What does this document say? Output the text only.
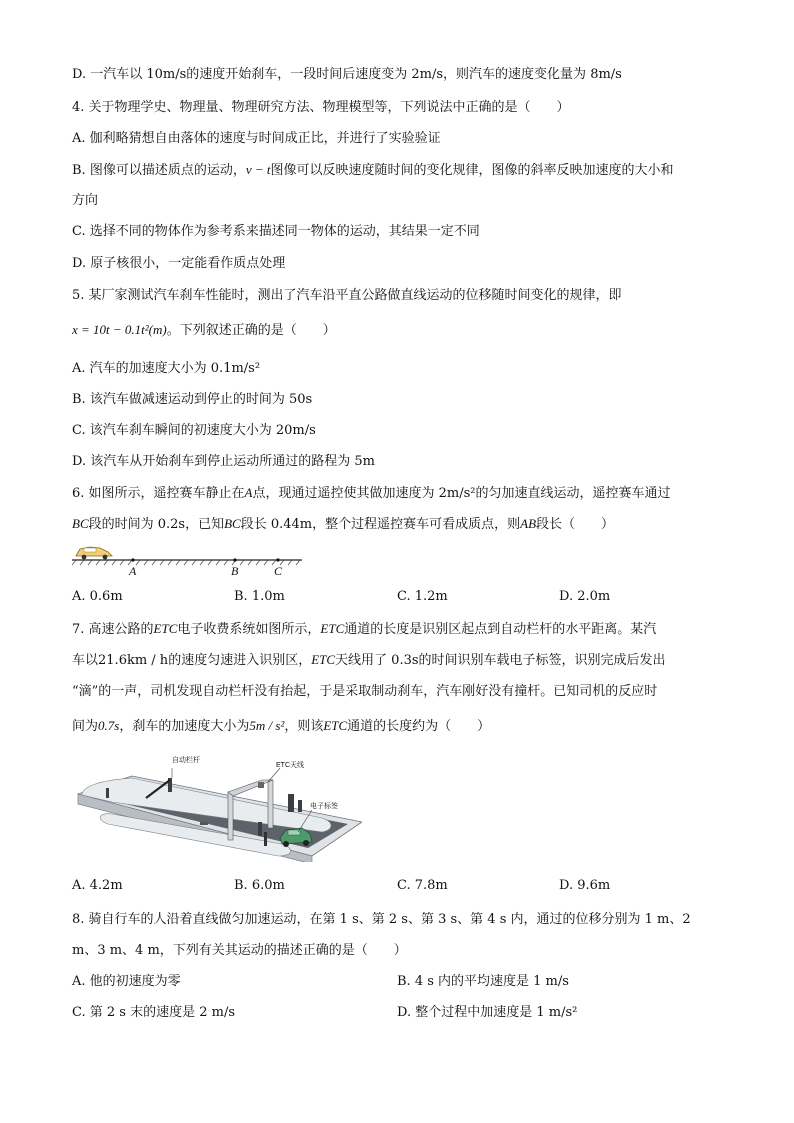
D. 一汽车以 10m/s的速度开始刹车，一段时间后速度变为 2m/s，则汽车的速度变化量为 8m/s
4. 关于物理学史、物理量、物理研究方法、物理模型等，下列说法中正确的是（　　）
A. 伽利略猜想自由落体的速度与时间成正比，并进行了实验验证
B. 图像可以描述质点的运动，v − t图像可以反映速度随时间的变化规律，图像的斜率反映加速度的大小和
方向
C. 选择不同的物体作为参考系来描述同一物体的运动，其结果一定不同
D. 原子核很小，一定能看作质点处理
5. 某厂家测试汽车刹车性能时，测出了汽车沿平直公路做直线运动的位移随时间变化的规律，即
x = 10t − 0.1t²(m)。下列叙述正确的是（　　）
A. 汽车的加速度大小为 0.1m/s²
B. 该汽车做减速运动到停止的时间为 50s
C. 该汽车刹车瞬间的初速度大小为 20m/s
D. 该汽车从开始刹车到停止运动所通过的路程为 5m
6. 如图所示，遥控赛车静止在A点，现通过遥控使其做加速度为 2m/s²的匀加速直线运动，遥控赛车通过
BC段的时间为 0.2s，已知BC段长 0.44m，整个过程遥控赛车可看成质点，则AB段长（　　）
A	B	C
A. 0.6m	B. 1.0m	C. 1.2m	D. 2.0m
7. 高速公路的ETC电子收费系统如图所示，ETC通道的长度是识别区起点到自动栏杆的水平距离。某汽
车以21.6km / h的速度匀速进入识别区，ETC天线用了 0.3s的时间识别车载电子标签，识别完成后发出
“滴”的一声，司机发现自动栏杆没有抬起，于是采取制动刹车，汽车刚好没有撞杆。已知司机的反应时
间为0.7s，刹车的加速度大小为5m / s²，则该ETC通道的长度约为（　　）
自动栏杆
ETC天线
电子标签
A. 4.2m	B. 6.0m	C. 7.8m	D. 9.6m
8. 骑自行车的人沿着直线做匀加速运动，在第 1 s、第 2 s、第 3 s、第 4 s 内，通过的位移分别为 1 m、2
m、3 m、4 m，下列有关其运动的描述正确的是（　　）
A. 他的初速度为零	B. 4 s 内的平均速度是 1 m/s
C. 第 2 s 末的速度是 2 m/s	D. 整个过程中加速度是 1 m/s²
